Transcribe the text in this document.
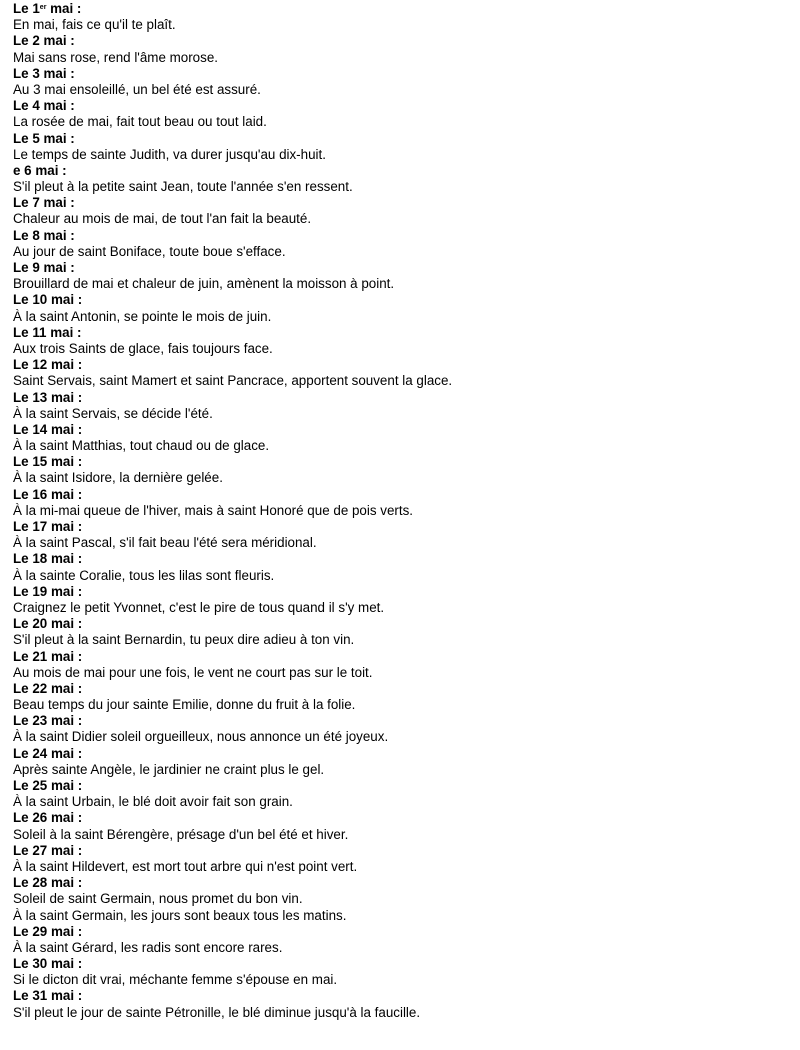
Le 1er mai :
En mai, fais ce qu'il te plaît.
Le 2 mai :
Mai sans rose, rend l'âme morose.
Le 3 mai :
Au 3 mai ensoleillé, un bel été est assuré.
Le 4 mai :
La rosée de mai, fait tout beau ou tout laid.
Le 5 mai :
Le temps de sainte Judith, va durer jusqu'au dix-huit.
e 6 mai :
S'il pleut à la petite saint Jean, toute l'année s'en ressent.
Le 7 mai :
Chaleur au mois de mai, de tout l'an fait la beauté.
Le 8 mai :
Au jour de saint Boniface, toute boue s'efface.
Le 9 mai :
Brouillard de mai et chaleur de juin, amènent la moisson à point.
Le 10 mai :
À la saint Antonin, se pointe le mois de juin.
Le 11 mai :
Aux trois Saints de glace, fais toujours face.
Le 12 mai :
Saint Servais, saint Mamert et saint Pancrace, apportent souvent la glace.
Le 13 mai :
À la saint Servais, se décide l'été.
Le 14 mai :
À la saint Matthias, tout chaud ou de glace.
Le 15 mai :
À la saint Isidore, la dernière gelée.
Le 16 mai :
À la mi-mai queue de l'hiver, mais à saint Honoré que de pois verts.
Le 17 mai :
À la saint Pascal, s'il fait beau l'été sera méridional.
Le 18 mai :
À la sainte Coralie, tous les lilas sont fleuris.
Le 19 mai :
Craignez le petit Yvonnet, c'est le pire de tous quand il s'y met.
Le 20 mai :
S'il pleut à la saint Bernardin, tu peux dire adieu à ton vin.
Le 21 mai :
Au mois de mai pour une fois, le vent ne court pas sur le toit.
Le 22 mai :
Beau temps du jour sainte Emilie, donne du fruit à la folie.
Le 23 mai :
À la saint Didier soleil orgueilleux, nous annonce un été joyeux.
Le 24 mai :
Après sainte Angèle, le jardinier ne craint plus le gel.
Le 25 mai :
À la saint Urbain, le blé doit avoir fait son grain.
Le 26 mai :
Soleil à la saint Bérengère, présage d'un bel été et hiver.
Le 27 mai :
À la saint Hildevert, est mort tout arbre qui n'est point vert.
Le 28 mai :
Soleil de saint Germain, nous promet du bon vin.
À la saint Germain, les jours sont beaux tous les matins.
Le 29 mai :
À la saint Gérard, les radis sont encore rares.
Le 30 mai :
Si le dicton dit vrai, méchante femme s'épouse en mai.
Le 31 mai :
S'il pleut le jour de sainte Pétronille, le blé diminue jusqu'à la faucille.
